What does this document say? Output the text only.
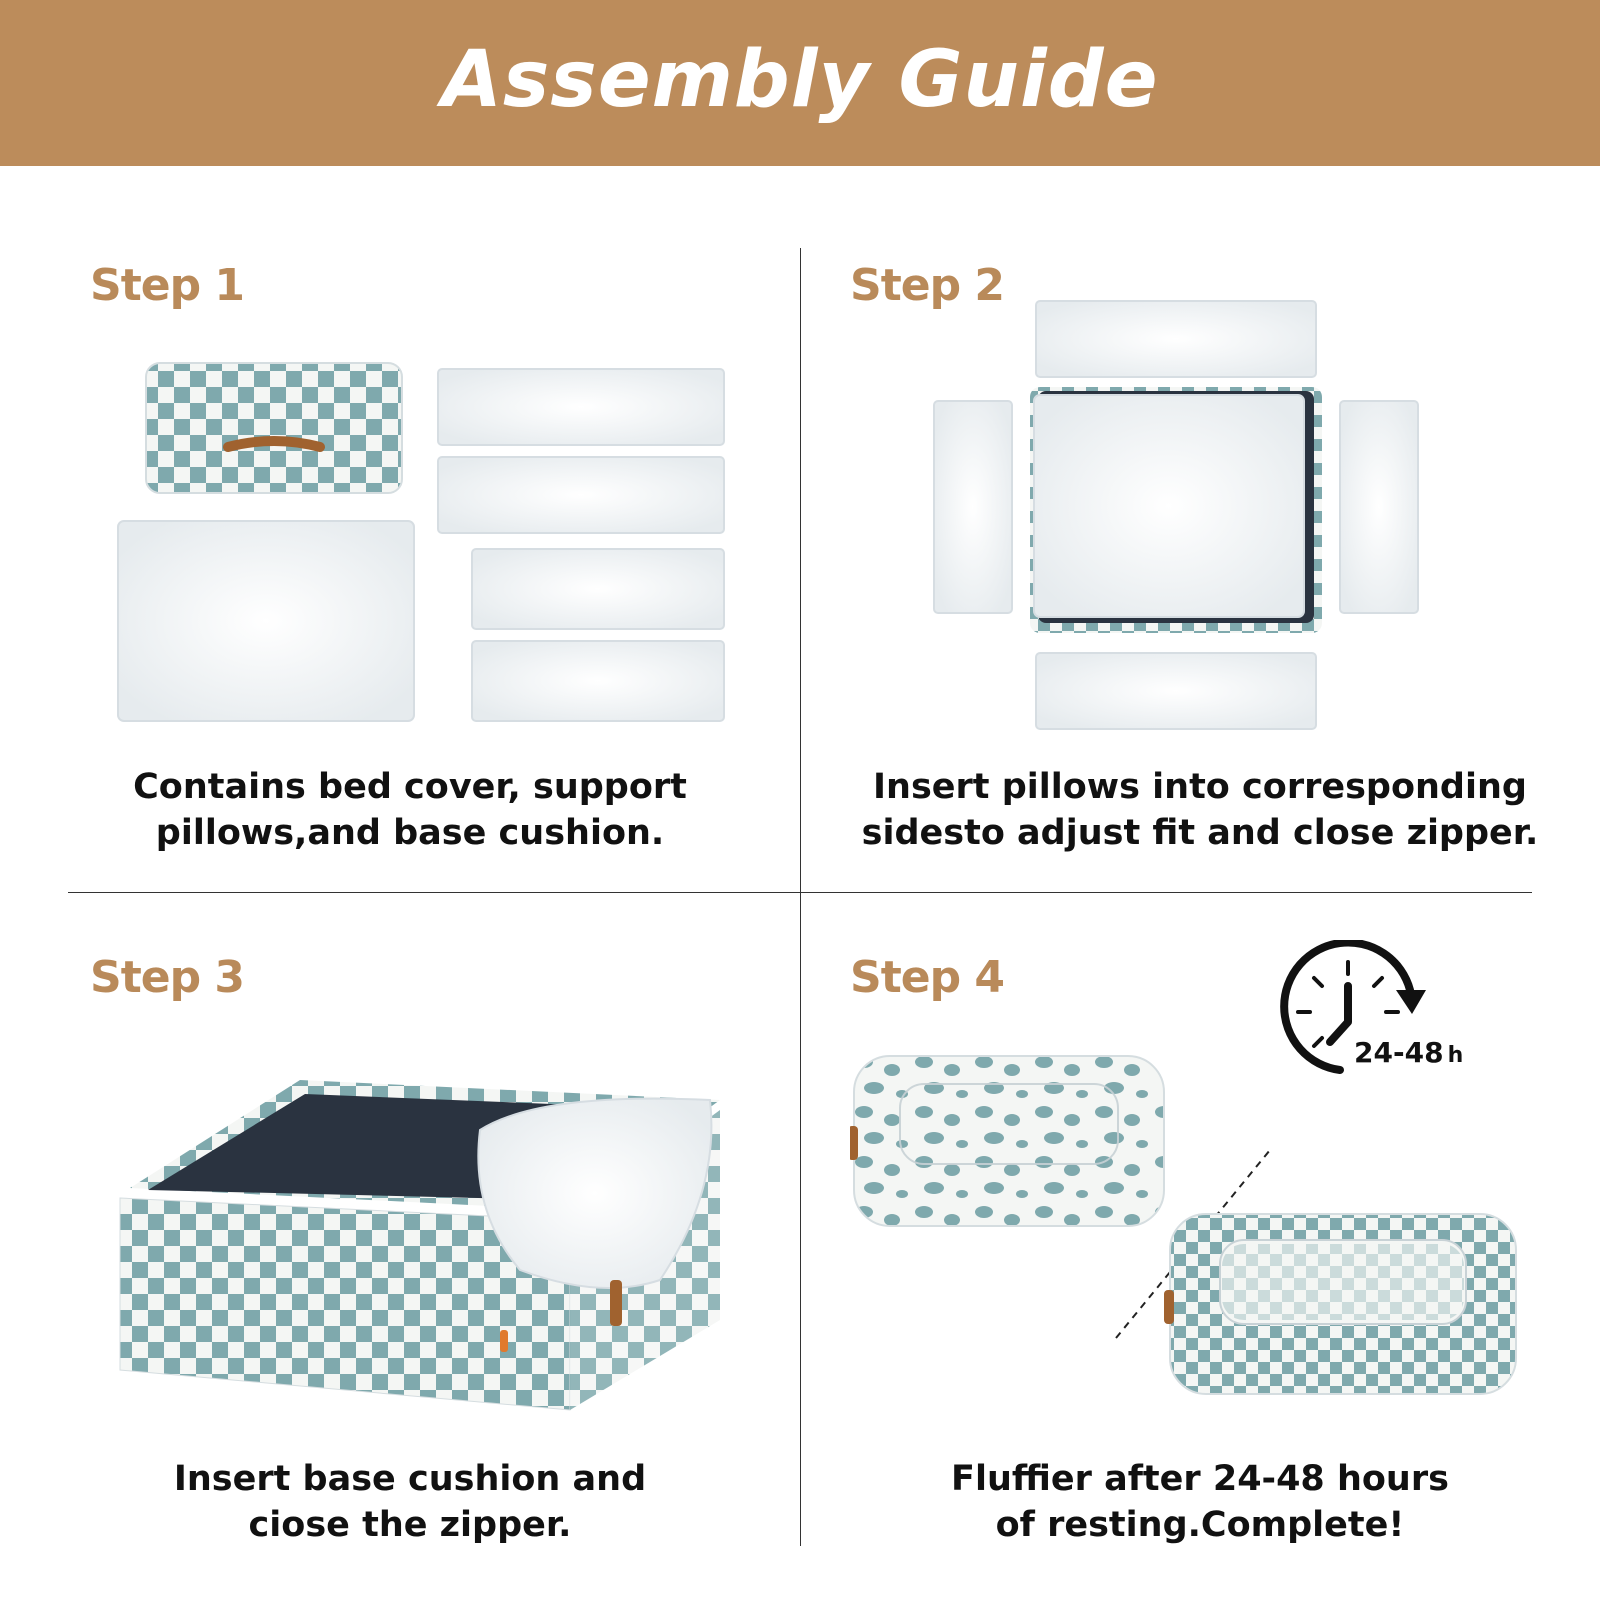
Assembly Guide
Step 1
Contains bed cover, support
pillows,and base cushion.
Step 2
Insert pillows into corresponding
sidesto adjust fit and close zipper.
Step 3
Insert base cushion and
ciose the zipper.
Step 4
24-48 h
Fluffier after 24-48 hours
of resting.Complete!
